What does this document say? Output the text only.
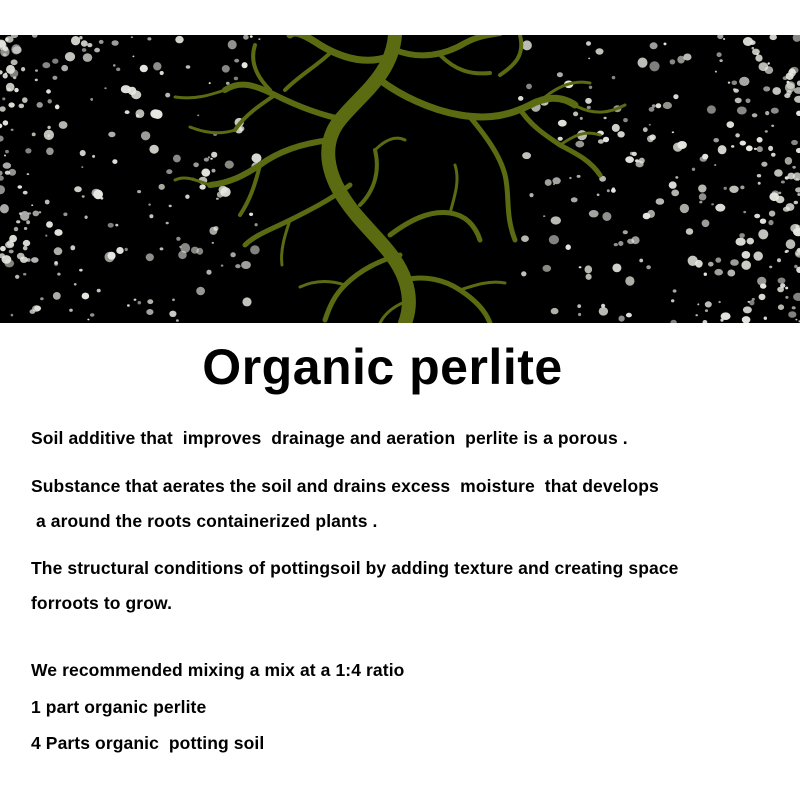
Organic perlite

Soil additive that  improves  drainage and aeration  perlite is a porous .

Substance that aerates the soil and drains excess  moisture  that develops

a around the roots containerized plants .

The structural conditions of pottingsoil by adding texture and creating space

forroots to grow.

We recommended mixing a mix at a 1:4 ratio

1 part organic perlite

4 Parts organic  potting soil
